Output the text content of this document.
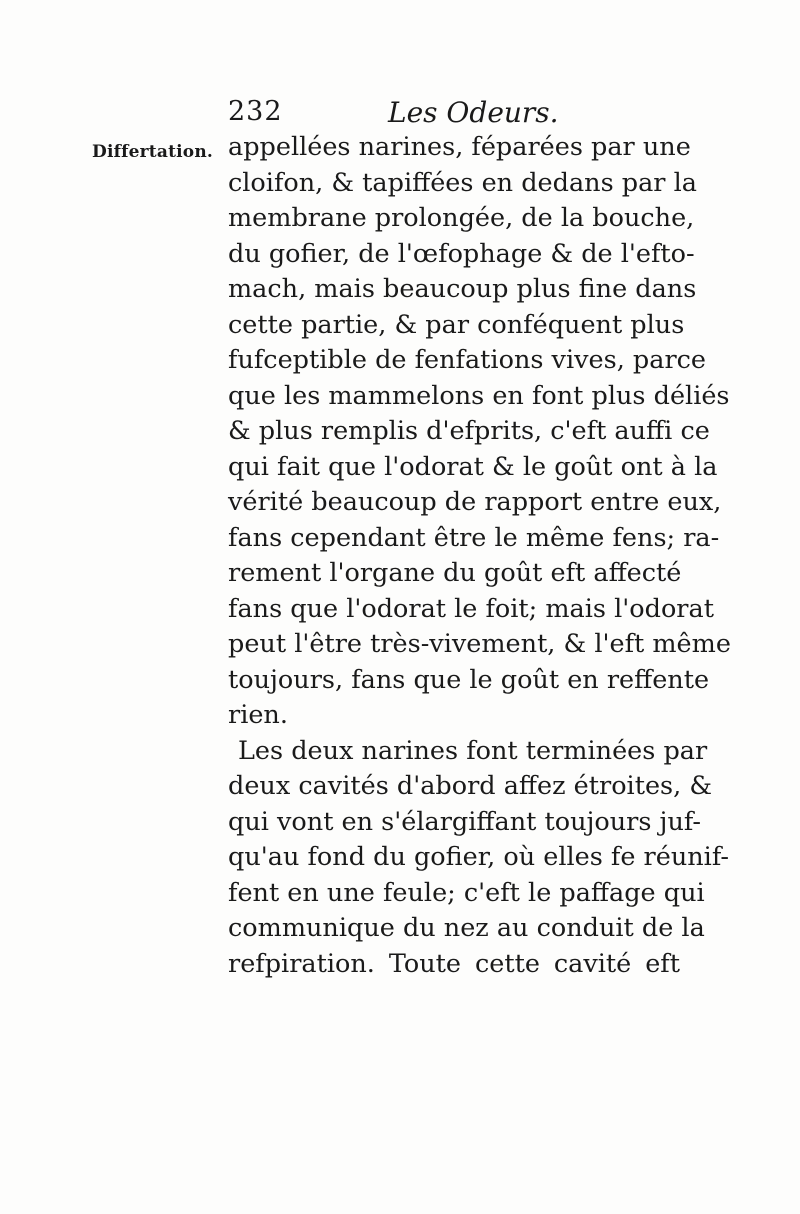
232	Les Odeurs.
Differtation. appellées narines, féparées par une
cloifon, & tapiffées en dedans par la
membrane prolongée, de la bouche,
du gofier, de l'œfophage & de l'efto-
mach, mais beaucoup plus fine dans
cette partie, & par conféquent plus
fufceptible de fenfations vives, parce
que les mammelons en font plus déliés
& plus remplis d'efprits, c'eft auffi ce
qui fait que l'odorat & le goût ont à la
vérité beaucoup de rapport entre eux,
fans cependant être le même fens; ra-
rement l'organe du goût eft affecté
fans que l'odorat le foit; mais l'odorat
peut l'être très-vivement, & l'eft même
toujours, fans que le goût en reffente
rien.
Les deux narines font terminées par
deux cavités d'abord affez étroites, &
qui vont en s'élargiffant toujours juf-
qu'au fond du gofier, où elles fe réunif-
fent en une feule; c'eft le paffage qui
communique du nez au conduit de la
refpiration. Toute cette cavité eft
